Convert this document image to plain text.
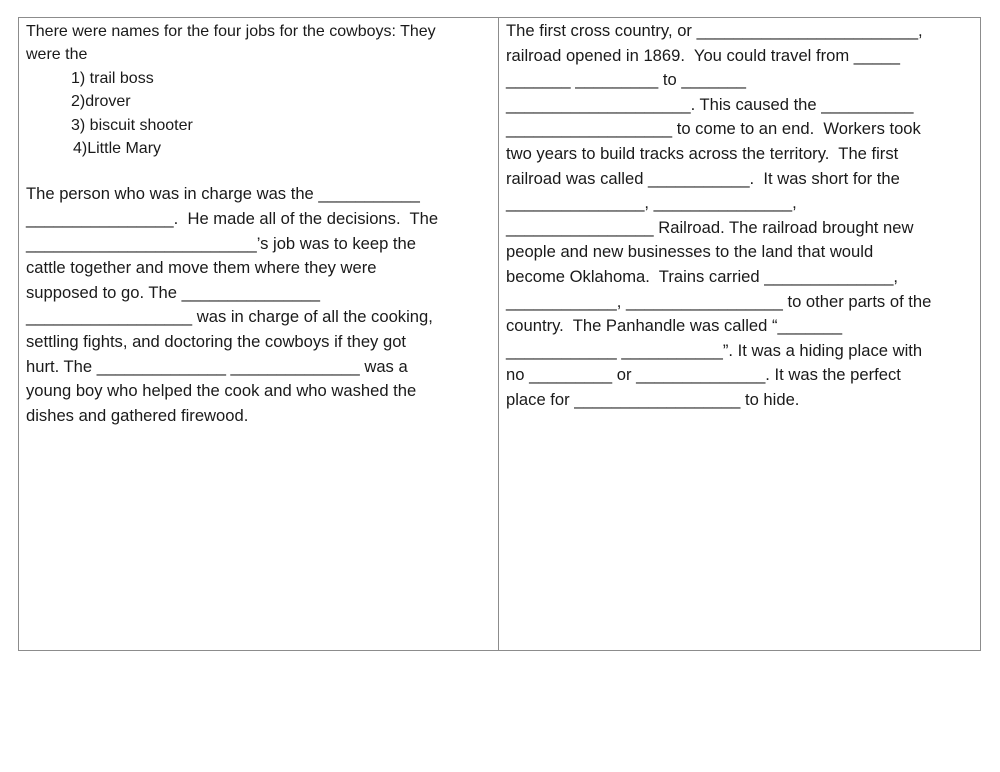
There were names for the four jobs for the cowboys: They
were the

1) trail boss
2)drover
3) biscuit shooter
4)Little Mary

The person who was in charge was the ___________
________________.  He made all of the decisions.  The
_________________________’s job was to keep the
cattle together and move them where they were
supposed to go. The _______________
__________________ was in charge of all the cooking,
settling fights, and doctoring the cowboys if they got
hurt. The ______________ ______________ was a
young boy who helped the cook and who washed the
dishes and gathered firewood.

The first cross country, or ________________________,
railroad opened in 1869.  You could travel from _____
_______ _________ to _______
____________________. This caused the __________
__________________ to come to an end.  Workers took
two years to build tracks across the territory.  The first
railroad was called ___________.  It was short for the
_______________, _______________,
________________ Railroad. The railroad brought new
people and new businesses to the land that would
become Oklahoma.  Trains carried ______________,
____________, _________________ to other parts of the
country.  The Panhandle was called “_______
____________ ___________”. It was a hiding place with
no _________ or ______________. It was the perfect
place for __________________ to hide.
